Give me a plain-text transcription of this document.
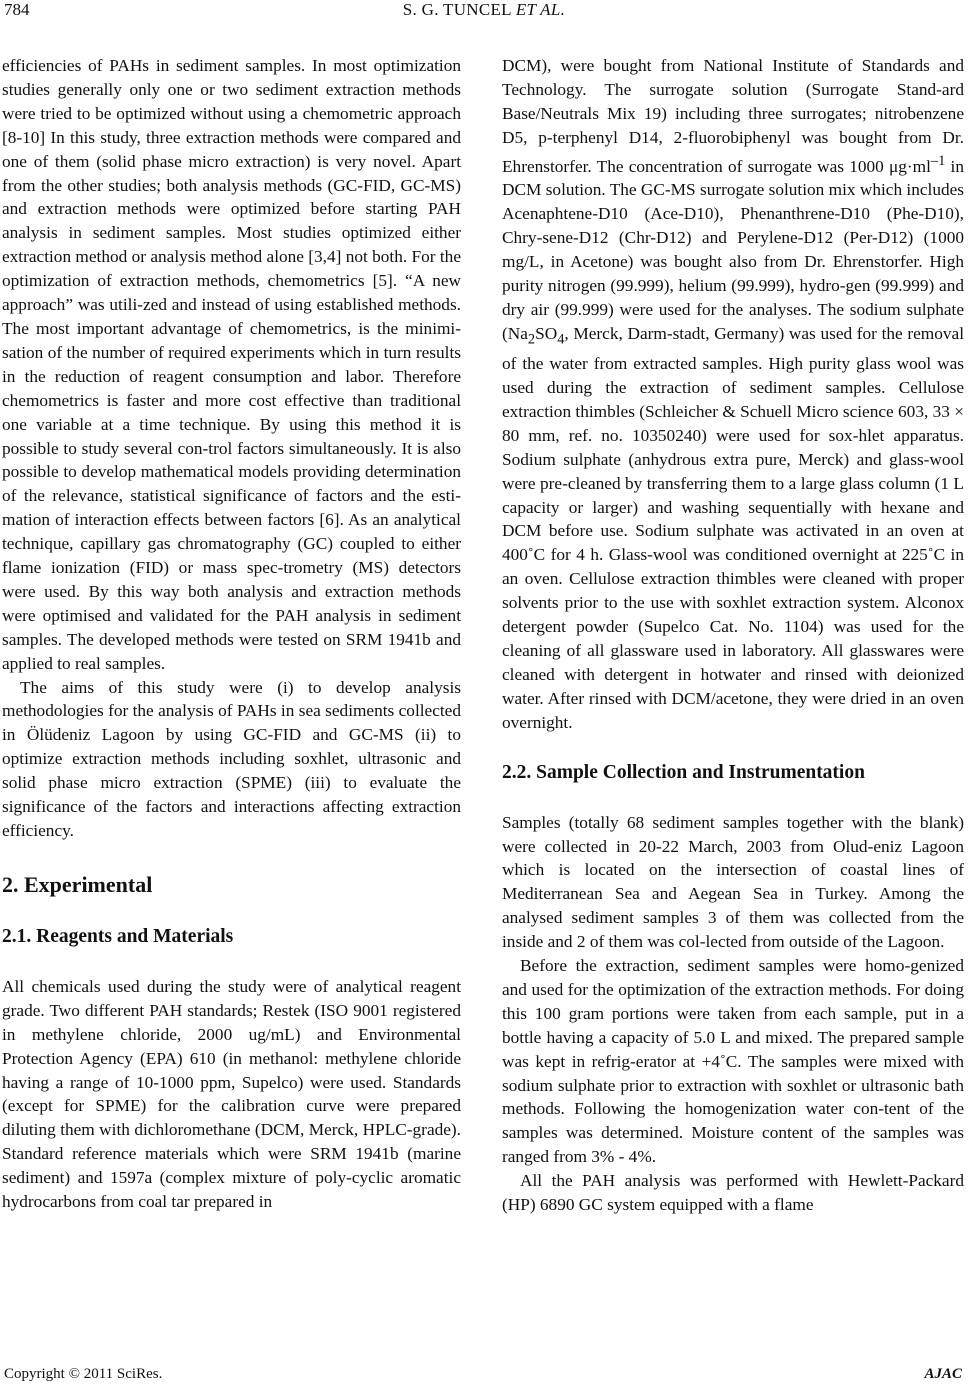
784	S. G. TUNCEL ET AL.

efficiencies of PAHs in sediment samples. In most optimization studies generally only one or two sediment extraction methods were tried to be optimized without using a chemometric approach [8-10] In this study, three extraction methods were compared and one of them (solid phase micro extraction) is very novel. Apart from the other studies; both analysis methods (GC-FID, GC-MS) and extraction methods were optimized before starting PAH analysis in sediment samples. Most studies optimized either extraction method or analysis method alone [3,4] not both. For the optimization of extraction methods, chemometrics [5]. “A new approach” was utili-zed and instead of using established methods. The most important advantage of chemometrics, is the minimi-sation of the number of required experiments which in turn results in the reduction of reagent consumption and labor. Therefore chemometrics is faster and more cost effective than traditional one variable at a time technique. By using this method it is possible to study several con-trol factors simultaneously. It is also possible to develop mathematical models providing determination of the relevance, statistical significance of factors and the esti-mation of interaction effects between factors [6]. As an analytical technique, capillary gas chromatography (GC) coupled to either flame ionization (FID) or mass spec-trometry (MS) detectors were used. By this way both analysis and extraction methods were optimised and validated for the PAH analysis in sediment samples. The developed methods were tested on SRM 1941b and applied to real samples.

The aims of this study were (i) to develop analysis methodologies for the analysis of PAHs in sea sediments collected in Ölüdeniz Lagoon by using GC-FID and GC-MS (ii) to optimize extraction methods including soxhlet, ultrasonic and solid phase micro extraction (SPME) (iii) to evaluate the significance of the factors and interactions affecting extraction efficiency.

2. Experimental
2.1. Reagents and Materials

All chemicals used during the study were of analytical reagent grade. Two different PAH standards; Restek (ISO 9001 registered in methylene chloride, 2000 ug/mL) and Environmental Protection Agency (EPA) 610 (in methanol: methylene chloride having a range of 10-1000 ppm, Supelco) were used. Standards (except for SPME) for the calibration curve were prepared diluting them with dichloromethane (DCM, Merck, HPLC-grade). Standard reference materials which were SRM 1941b (marine sediment) and 1597a (complex mixture of poly-cyclic aromatic hydrocarbons from coal tar prepared in

DCM), were bought from National Institute of Standards and Technology. The surrogate solution (Surrogate Stand-ard Base/Neutrals Mix 19) including three surrogates; nitrobenzene D5, p-terphenyl D14, 2-fluorobiphenyl was bought from Dr. Ehrenstorfer. The concentration of surrogate was 1000 $\mu g\cdot ml^{-1}$ in DCM solution. The GC-MS surrogate solution mix which includes Acenaphtene-D10 (Ace-D10), Phenanthrene-D10 (Phe-D10), Chry-sene-D12 (Chr-D12) and Perylene-D12 (Per-D12) (1000 mg/L, in Acetone) was bought also from Dr. Ehrenstorfer. High purity nitrogen (99.999), helium (99.999), hydro-gen (99.999) and dry air (99.999) were used for the analyses. The sodium sulphate ($Na_2SO_4$, Merck, Darm-stadt, Germany) was used for the removal of the water from extracted samples. High purity glass wool was used during the extraction of sediment samples. Cellulose extraction thimbles (Schleicher & Schuell Micro science 603, 33 × 80 mm, ref. no. 10350240) were used for sox-hlet apparatus. Sodium sulphate (anhydrous extra pure, Merck) and glass-wool were pre-cleaned by transferring them to a large glass column (1 L capacity or larger) and washing sequentially with hexane and DCM before use. Sodium sulphate was activated in an oven at 400˚C for 4 h. Glass-wool was conditioned overnight at 225˚C in an oven. Cellulose extraction thimbles were cleaned with proper solvents prior to the use with soxhlet extraction system. Alconox detergent powder (Supelco Cat. No. 1104) was used for the cleaning of all glassware used in laboratory. All glasswares were cleaned with detergent in hotwater and rinsed with deionized water. After rinsed with DCM/acetone, they were dried in an oven overnight.

2.2. Sample Collection and Instrumentation

Samples (totally 68 sediment samples together with the blank) were collected in 20-22 March, 2003 from Olud-eniz Lagoon which is located on the intersection of coastal lines of Mediterranean Sea and Aegean Sea in Turkey. Among the analysed sediment samples 3 of them was collected from the inside and 2 of them was col-lected from outside of the Lagoon.

Before the extraction, sediment samples were homo-genized and used for the optimization of the extraction methods. For doing this 100 gram portions were taken from each sample, put in a bottle having a capacity of 5.0 L and mixed. The prepared sample was kept in refrig-erator at +4˚C. The samples were mixed with sodium sulphate prior to extraction with soxhlet or ultrasonic bath methods. Following the homogenization water con-tent of the samples was determined. Moisture content of the samples was ranged from 3% - 4%.

All the PAH analysis was performed with Hewlett-Packard (HP) 6890 GC system equipped with a flame

Copyright © 2011 SciRes.	AJAC
